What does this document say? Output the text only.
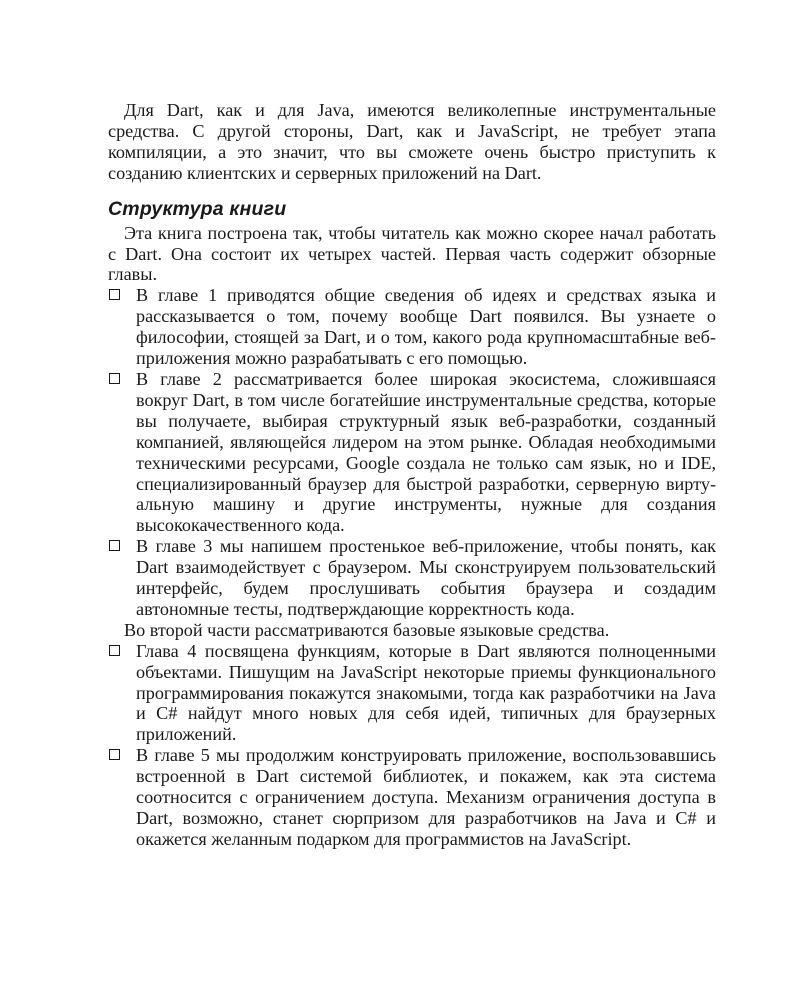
Для Dart, как и для Java, имеются великолепные инструментальные средства. С другой стороны, Dart, как и JavaScript, не требует этапа компиляции, а это значит, что вы сможете очень быстро приступить к созданию клиентских и серверных приложений на Dart.

Структура книги

Эта книга построена так, чтобы читатель как можно скорее начал работать с Dart. Она состоит их четырех частей. Первая часть содержит обзорные главы.

В главе 1 приводятся общие сведения об идеях и средствах языка и рассказывается о том, почему вообще Dart появился. Вы узнаете о философии, стоящей за Dart, и о том, какого рода крупномасштабные веб-приложения можно разрабатывать с его помощью.
В главе 2 рассматривается более широкая экосистема, сложившаяся вокруг Dart, в том числе богатейшие инструментальные средства, которые вы получаете, выбирая структурный язык веб-разработки, созданный компанией, являющейся лидером на этом рынке. Обладая необходимыми техническими ресурсами, Google создала не только сам язык, но и IDE, специализированный браузер для быстрой разработки, серверную виртуальную машину и другие инструменты, нужные для создания высококачественного кода.
В главе 3 мы напишем простенькое веб-приложение, чтобы понять, как Dart взаимодействует с браузером. Мы сконструируем пользовательский интерфейс, будем прослушивать события браузера и создадим автономные тесты, подтверждающие корректность кода.

Во второй части рассматриваются базовые языковые средства.

Глава 4 посвящена функциям, которые в Dart являются полноценными объектами. Пишущим на JavaScript некоторые приемы функционального программирования покажутся знакомыми, тогда как разработчики на Java и C# найдут много новых для себя идей, типичных для браузерных приложений.
В главе 5 мы продолжим конструировать приложение, воспользовавшись встроенной в Dart системой библиотек, и покажем, как эта система соотносится с ограничением доступа. Механизм ограничения доступа в Dart, возможно, станет сюрпризом для разработчиков на Java и C# и окажется желанным подарком для программистов на JavaScript.
